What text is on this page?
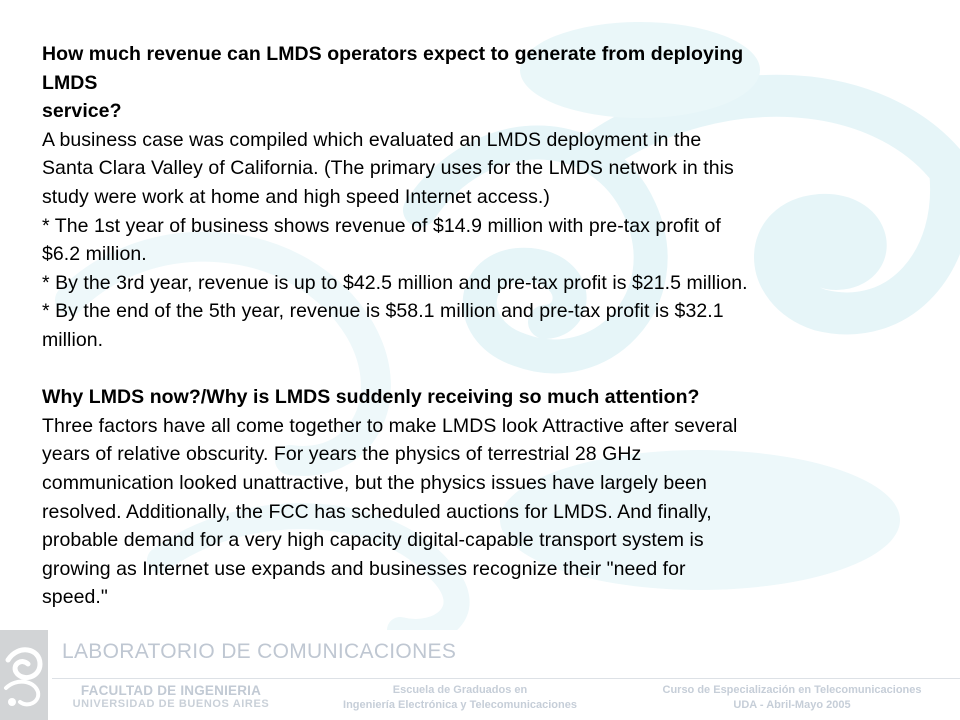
How much revenue can LMDS operators expect to generate from deploying

LMDS

service?

A business case was compiled which evaluated an LMDS deployment in the

Santa Clara Valley of California. (The primary uses for the LMDS network in this

study were work at home and high speed Internet access.)

* The 1st year of business shows revenue of $14.9 million with pre-tax profit of

$6.2 million.

* By the 3rd year, revenue is up to $42.5 million and pre-tax profit is $21.5 million.

* By the end of the 5th year, revenue is $58.1 million and pre-tax profit is $32.1

million.

Why LMDS now?/Why is LMDS suddenly receiving so much attention?

Three factors have all come together to make LMDS look Attractive after several

years of relative obscurity. For years the physics of terrestrial 28 GHz

communication looked unattractive, but the physics issues have largely been

resolved. Additionally, the FCC has scheduled auctions for LMDS. And finally,

probable demand for a very high capacity digital-capable transport system is

growing as Internet use expands and businesses recognize their "need for

speed."

LABORATORIO DE COMUNICACIONES
FACULTAD DE INGENIERIA
UNIVERSIDAD DE BUENOS AIRES
Escuela de Graduados en
Ingeniería Electrónica y Telecomunicaciones
Curso de Especialización en Telecomunicaciones
UDA - Abril-Mayo 2005
